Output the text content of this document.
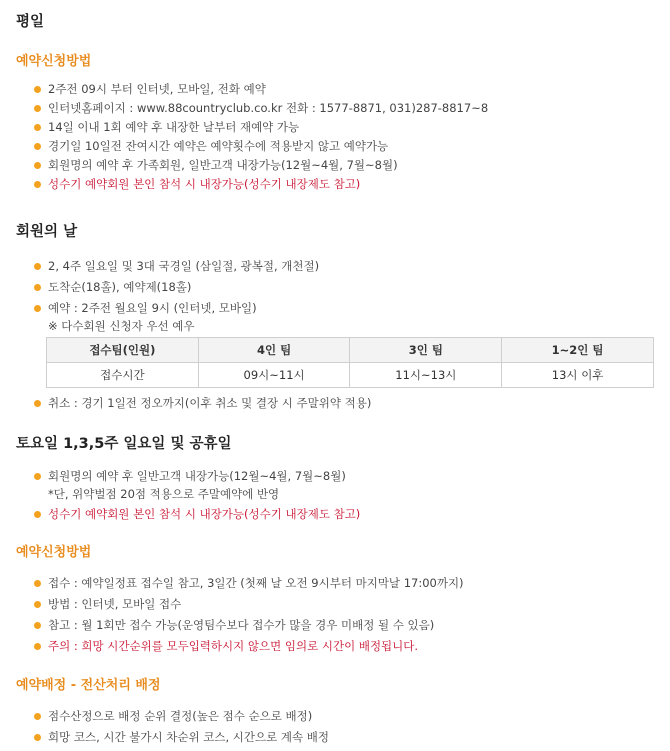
평일
예약신청방법
2주전 09시 부터 인터넷, 모바일, 전화 예약
인터넷홈페이지 : www.88countryclub.co.kr 전화 : 1577-8871, 031)287-8817~8
14일 이내 1회 예약 후 내장한 날부터 재예약 가능
경기일 10일전 잔여시간 예약은 예약횟수에 적용받지 않고 예약가능
회원명의 예약 후 가족회원, 일반고객 내장가능(12월~4월, 7월~8월)
성수기 예약회원 본인 참석 시 내장가능(성수기 내장제도 참고)
회원의 날
2, 4주 일요일 및 3대 국경일 (삼일절, 광복절, 개천절)
도착순(18홀), 예약제(18홀)
예약 : 2주전 월요일 9시 (인터넷, 모바일)
※ 다수회원 신청자 우선 예우
접수팀(인원)	4인 팀	3인 팀	1~2인 팀
접수시간	09시~11시	11시~13시	13시 이후
취소 : 경기 1일전 정오까지(이후 취소 및 결장 시 주말위약 적용)
토요일 1,3,5주 일요일 및 공휴일
회원명의 예약 후 일반고객 내장가능(12월~4월, 7월~8월)
*단, 위약벌점 20점 적용으로 주말예약에 반영
성수기 예약회원 본인 참석 시 내장가능(성수기 내장제도 참고)
예약신청방법
접수 : 예약일정표 접수일 참고, 3일간 (첫째 날 오전 9시부터 마지막날 17:00까지)
방법 : 인터넷, 모바일 접수
참고 : 월 1회만 접수 가능(운영팀수보다 접수가 많을 경우 미배정 될 수 있음)
주의 : 희망 시간순위를 모두입력하시지 않으면 임의로 시간이 배정됩니다.
예약배정 - 전산처리 배정
점수산정으로 배정 순위 결정(높은 점수 순으로 배정)
희망 코스, 시간 불가시 차순위 코스, 시간으로 계속 배정
